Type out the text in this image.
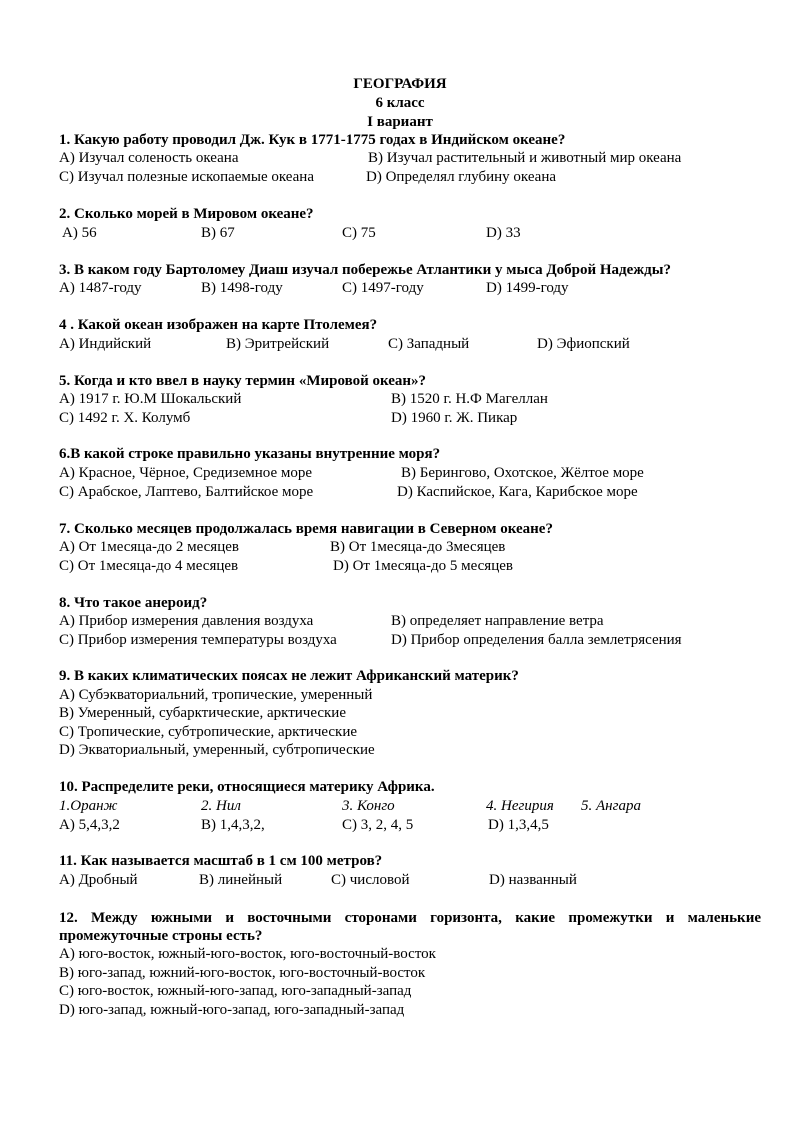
ГЕОГРАФИЯ
6 класс
I вариант
1. Какую работу проводил Дж. Кук в 1771-1775 годах в Индийском океане?
A) Изучал соленость океана	B) Изучал растительный и животный мир океана
C) Изучал полезные ископаемые океана	D) Определял глубину океана
2. Сколько морей в Мировом океане?
A) 56	B) 67	C) 75	D) 33
3. В каком году Бартоломеу Диаш изучал побережье Атлантики у мыса Доброй Надежды?
A) 1487-году	B) 1498-году	C) 1497-году	D) 1499-году
4 . Какой океан изображен на карте Птолемея?
A) Индийский	B) Эритрейский	C) Западный	D) Эфиопский
5. Когда и кто ввел в науку термин «Мировой океан»?
A) 1917 г. Ю.М Шокальский	B) 1520 г. Н.Ф Магеллан
C) 1492 г. Х. Колумб	D) 1960 г. Ж. Пикар
6.В какой строке правильно указаны внутренние моря?
A) Красное, Чёрное, Средиземное море	B) Берингово, Охотское, Жёлтое море
C) Арабское, Лаптево, Балтийское море	D) Каспийское, Кага, Карибское море
7. Сколько месяцев продолжалась время навигации в Северном океане?
A) От 1месяца-до 2 месяцев	B) От 1месяца-до 3месяцев
C) От 1месяца-до 4 месяцев	D) От 1месяца-до 5 месяцев
8. Что такое анероид?
A) Прибор измерения давления воздуха	B) определяет направление ветра
C) Прибор измерения температуры воздуха	D) Прибор определения балла землетрясения
9. В каких климатических поясах не лежит Африканский материк?
A) Субэкваториальний, тропические, умеренный
B) Умеренный, субарктические, арктические
C) Тропические, субтропические, арктические
D) Экваториальный, умеренный, субтропические
10. Распределите реки, относящиеся материку Африка.
1.Оранж	2. Нил	3. Конго	4. Негирия 5. Ангара
A) 5,4,3,2	B) 1,4,3,2,	C) 3, 2, 4, 5	D) 1,3,4,5
11. Как называется масштаб в 1 см 100 метров?
A) Дробный	B) линейный	C) числовой	D) названный
12. Между южными и восточными сторонами горизонта, какие промежутки и маленькие промежуточные строны есть?
A) юго-восток, южный-юго-восток, юго-восточный-восток
B) юго-запад, южний-юго-восток, юго-восточный-восток
C) юго-восток, южный-юго-запад, юго-западный-запад
D) юго-запад, южный-юго-запад, юго-западный-запад
